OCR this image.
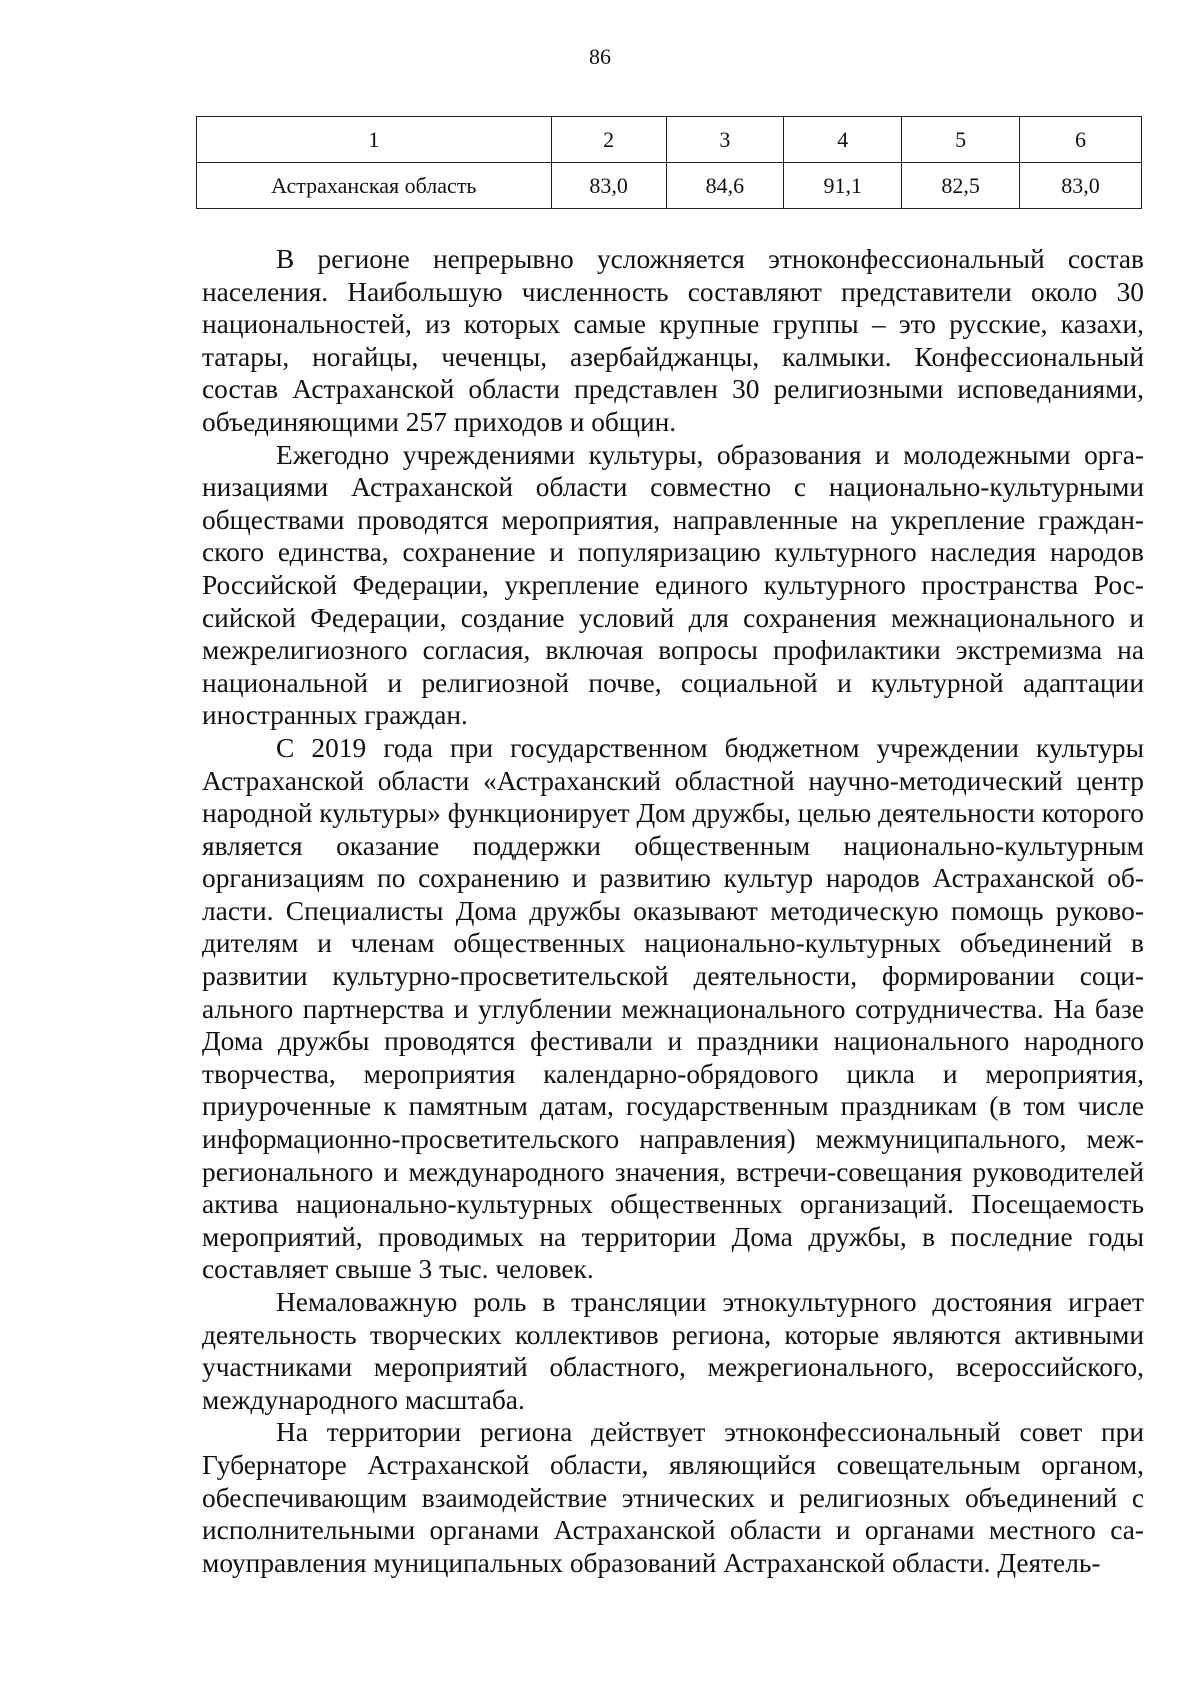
86
1	2	3	4	5	6
Астраханская область	83,0	84,6	91,1	82,5	83,0

В регионе непрерывно усложняется этноконфессиональный состав населения. Наибольшую численность составляют представители около 30 национальностей, из которых самые крупные группы – это русские, казахи, татары, ногайцы, чеченцы, азербайджанцы, калмыки. Конфессиональный состав Астраханской области представлен 30 религиозными исповеданиями, объединяющими 257 приходов и общин.

Ежегодно учреждениями культуры, образования и молодежными организациями Астраханской области совместно с национально-культурными обществами проводятся мероприятия, направленные на укрепление гражданского единства, сохранение и популяризацию культурного наследия народов Российской Федерации, укрепление единого культурного пространства Российской Федерации, создание условий для сохранения межнационального и межрелигиозного согласия, включая вопросы профилактики экстремизма на национальной и религиозной почве, социальной и культурной адаптации иностранных граждан.

С 2019 года при государственном бюджетном учреждении культуры Астраханской области «Астраханский областной научно-методический центр народной культуры» функционирует Дом дружбы, целью деятельности которого является оказание поддержки общественным национально-культурным организациям по сохранению и развитию культур народов Астраханской области. Специалисты Дома дружбы оказывают методическую помощь руководителям и членам общественных национально-культурных объединений в развитии культурно-просветительской деятельности, формировании социального партнерства и углублении межнационального сотрудничества. На базе Дома дружбы проводятся фестивали и праздники национального народного творчества, мероприятия календарно-обрядового цикла и мероприятия, приуроченные к памятным датам, государственным праздникам (в том числе информационно-просветительского направления) межмуниципального, межрегионального и международного значения, встречи-совещания руководителей актива национально-культурных общественных организаций. Посещаемость мероприятий, проводимых на территории Дома дружбы, в последние годы составляет свыше 3 тыс. человек.

Немаловажную роль в трансляции этнокультурного достояния играет деятельность творческих коллективов региона, которые являются активными участниками мероприятий областного, межрегионального, всероссийского, международного масштаба.

На территории региона действует этноконфессиональный совет при Губернаторе Астраханской области, являющийся совещательным органом, обеспечивающим взаимодействие этнических и религиозных объединений с исполнительными органами Астраханской области и органами местного самоуправления муниципальных образований Астраханской области. Деятель-
